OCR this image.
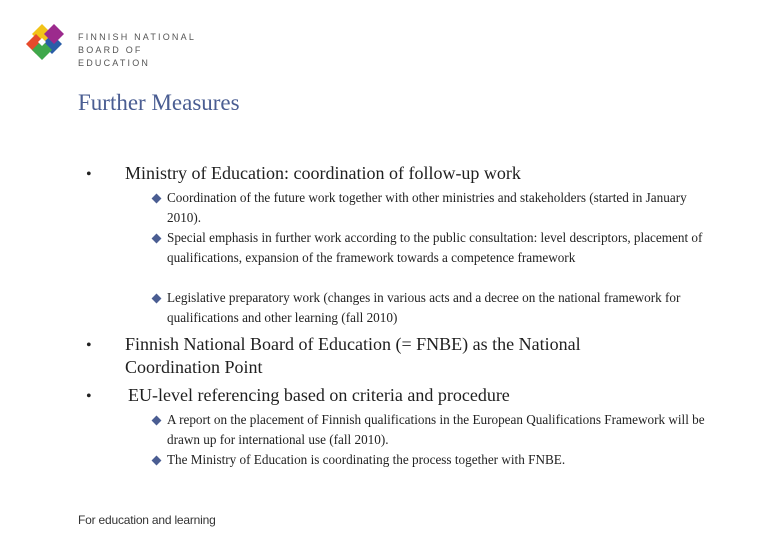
FINNISH NATIONAL
BOARD OF EDUCATION
Further Measures
• Ministry of Education: coordination of follow-up work
Coordination of the future work together with other ministries and stakeholders (started in January 2010).
Special emphasis in further work according to the public consultation: level descriptors, placement of qualifications, expansion of the framework towards a competence framework
Legislative preparatory work (changes in various acts and a decree on the national framework for qualifications and other learning (fall 2010)
• Finnish National Board of Education (= FNBE) as the National Coordination Point
• EU-level referencing based on criteria and procedure
A report on the placement of Finnish qualifications in the European Qualifications Framework will be drawn up for international use (fall 2010).
The Ministry of Education is coordinating the process together with FNBE.
For education and learning
